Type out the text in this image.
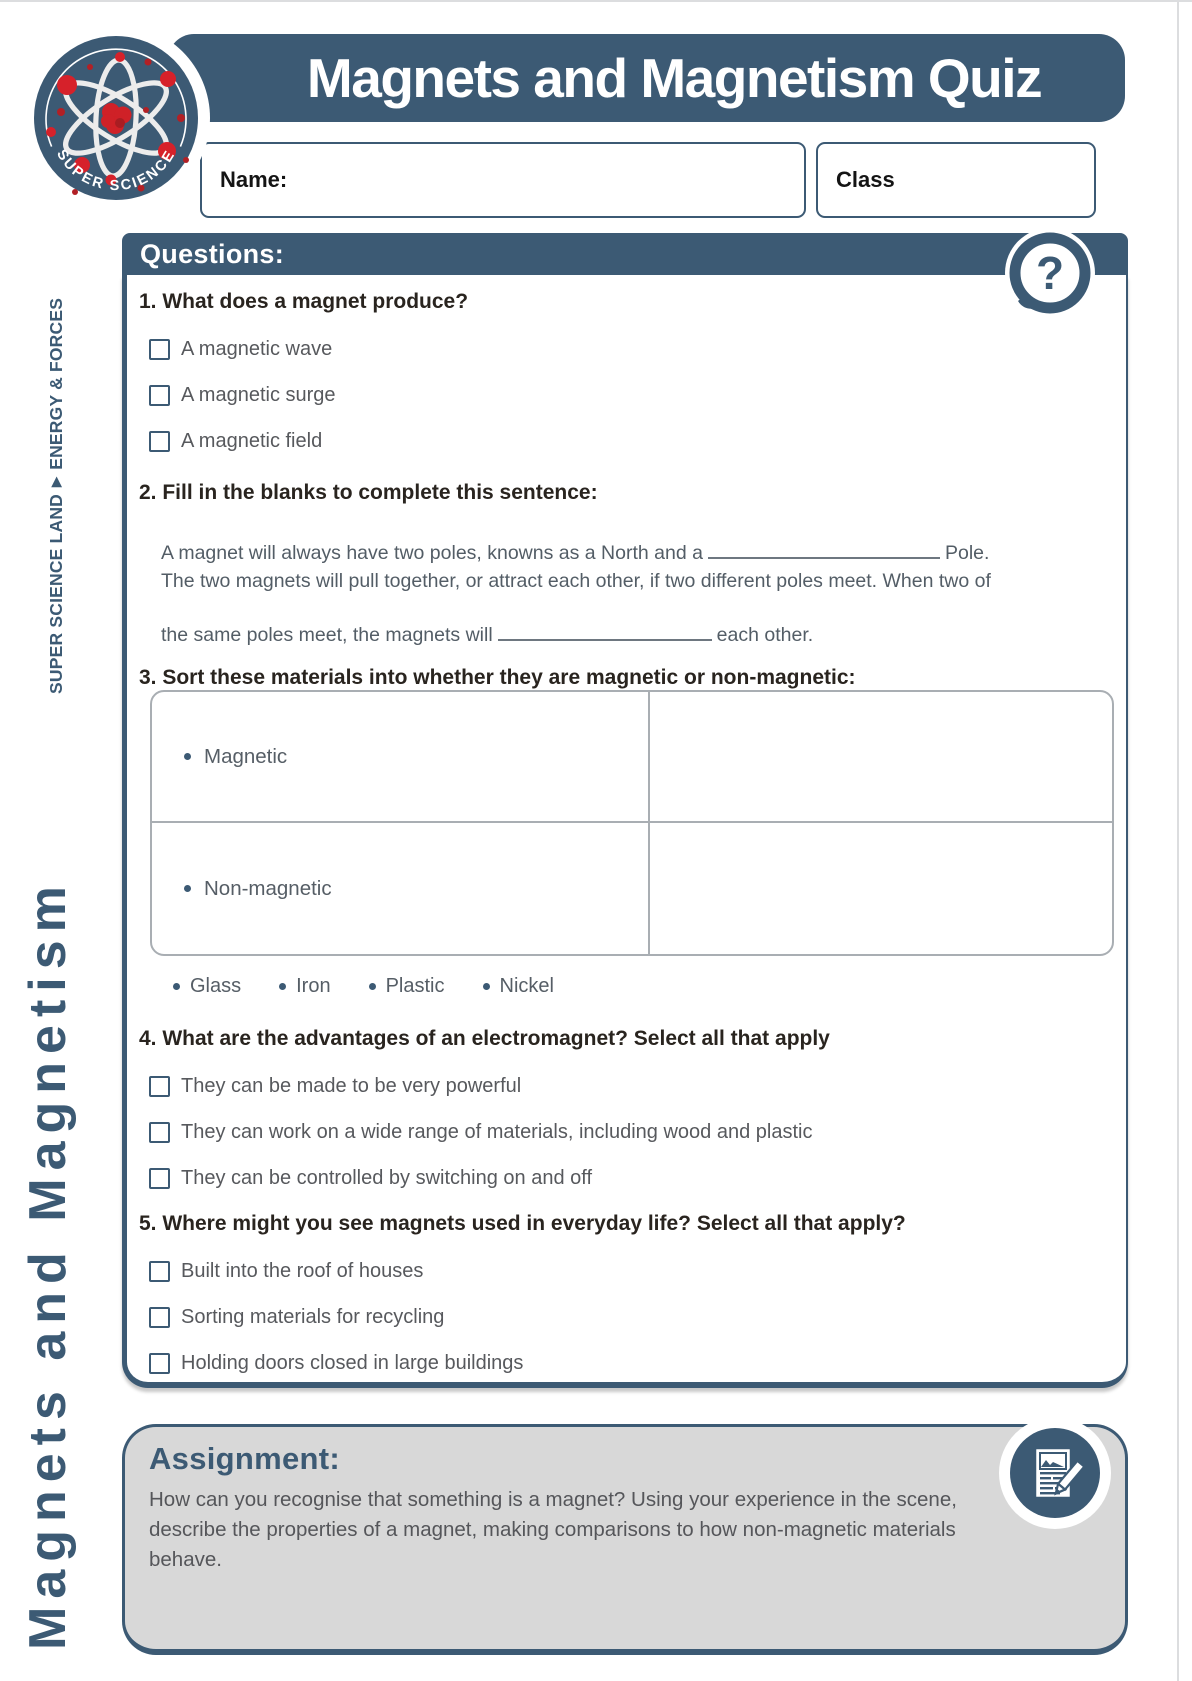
Magnets and Magnetism Quiz
Name:	Class
SUPER SCIENCE
SUPER SCIENCE LAND▶ENERGY & FORCES
Magnets and Magnetism
Questions:	?
1. What does a magnet produce?
A magnetic wave
A magnetic surge
A magnetic field
2. Fill in the blanks to complete this sentence:
A magnet will always have two poles, knowns as a North and a	Pole.
The two magnets will pull together, or attract each other, if two different poles meet. When two of
the same poles meet, the magnets will	each other.
3. Sort these materials into whether they are magnetic or non-magnetic:
Magnetic
Non-magnetic
Glass	Iron	Plastic	Nickel
4. What are the advantages of an electromagnet? Select all that apply
They can be made to be very powerful
They can work on a wide range of materials, including wood and plastic
They can be controlled by switching on and off
5. Where might you see magnets used in everyday life? Select all that apply?
Built into the roof of houses
Sorting materials for recycling
Holding doors closed in large buildings
Assignment:
How can you recognise that something is a magnet? Using your experience in the scene, describe the properties of a magnet, making comparisons to how non-magnetic materials behave.
